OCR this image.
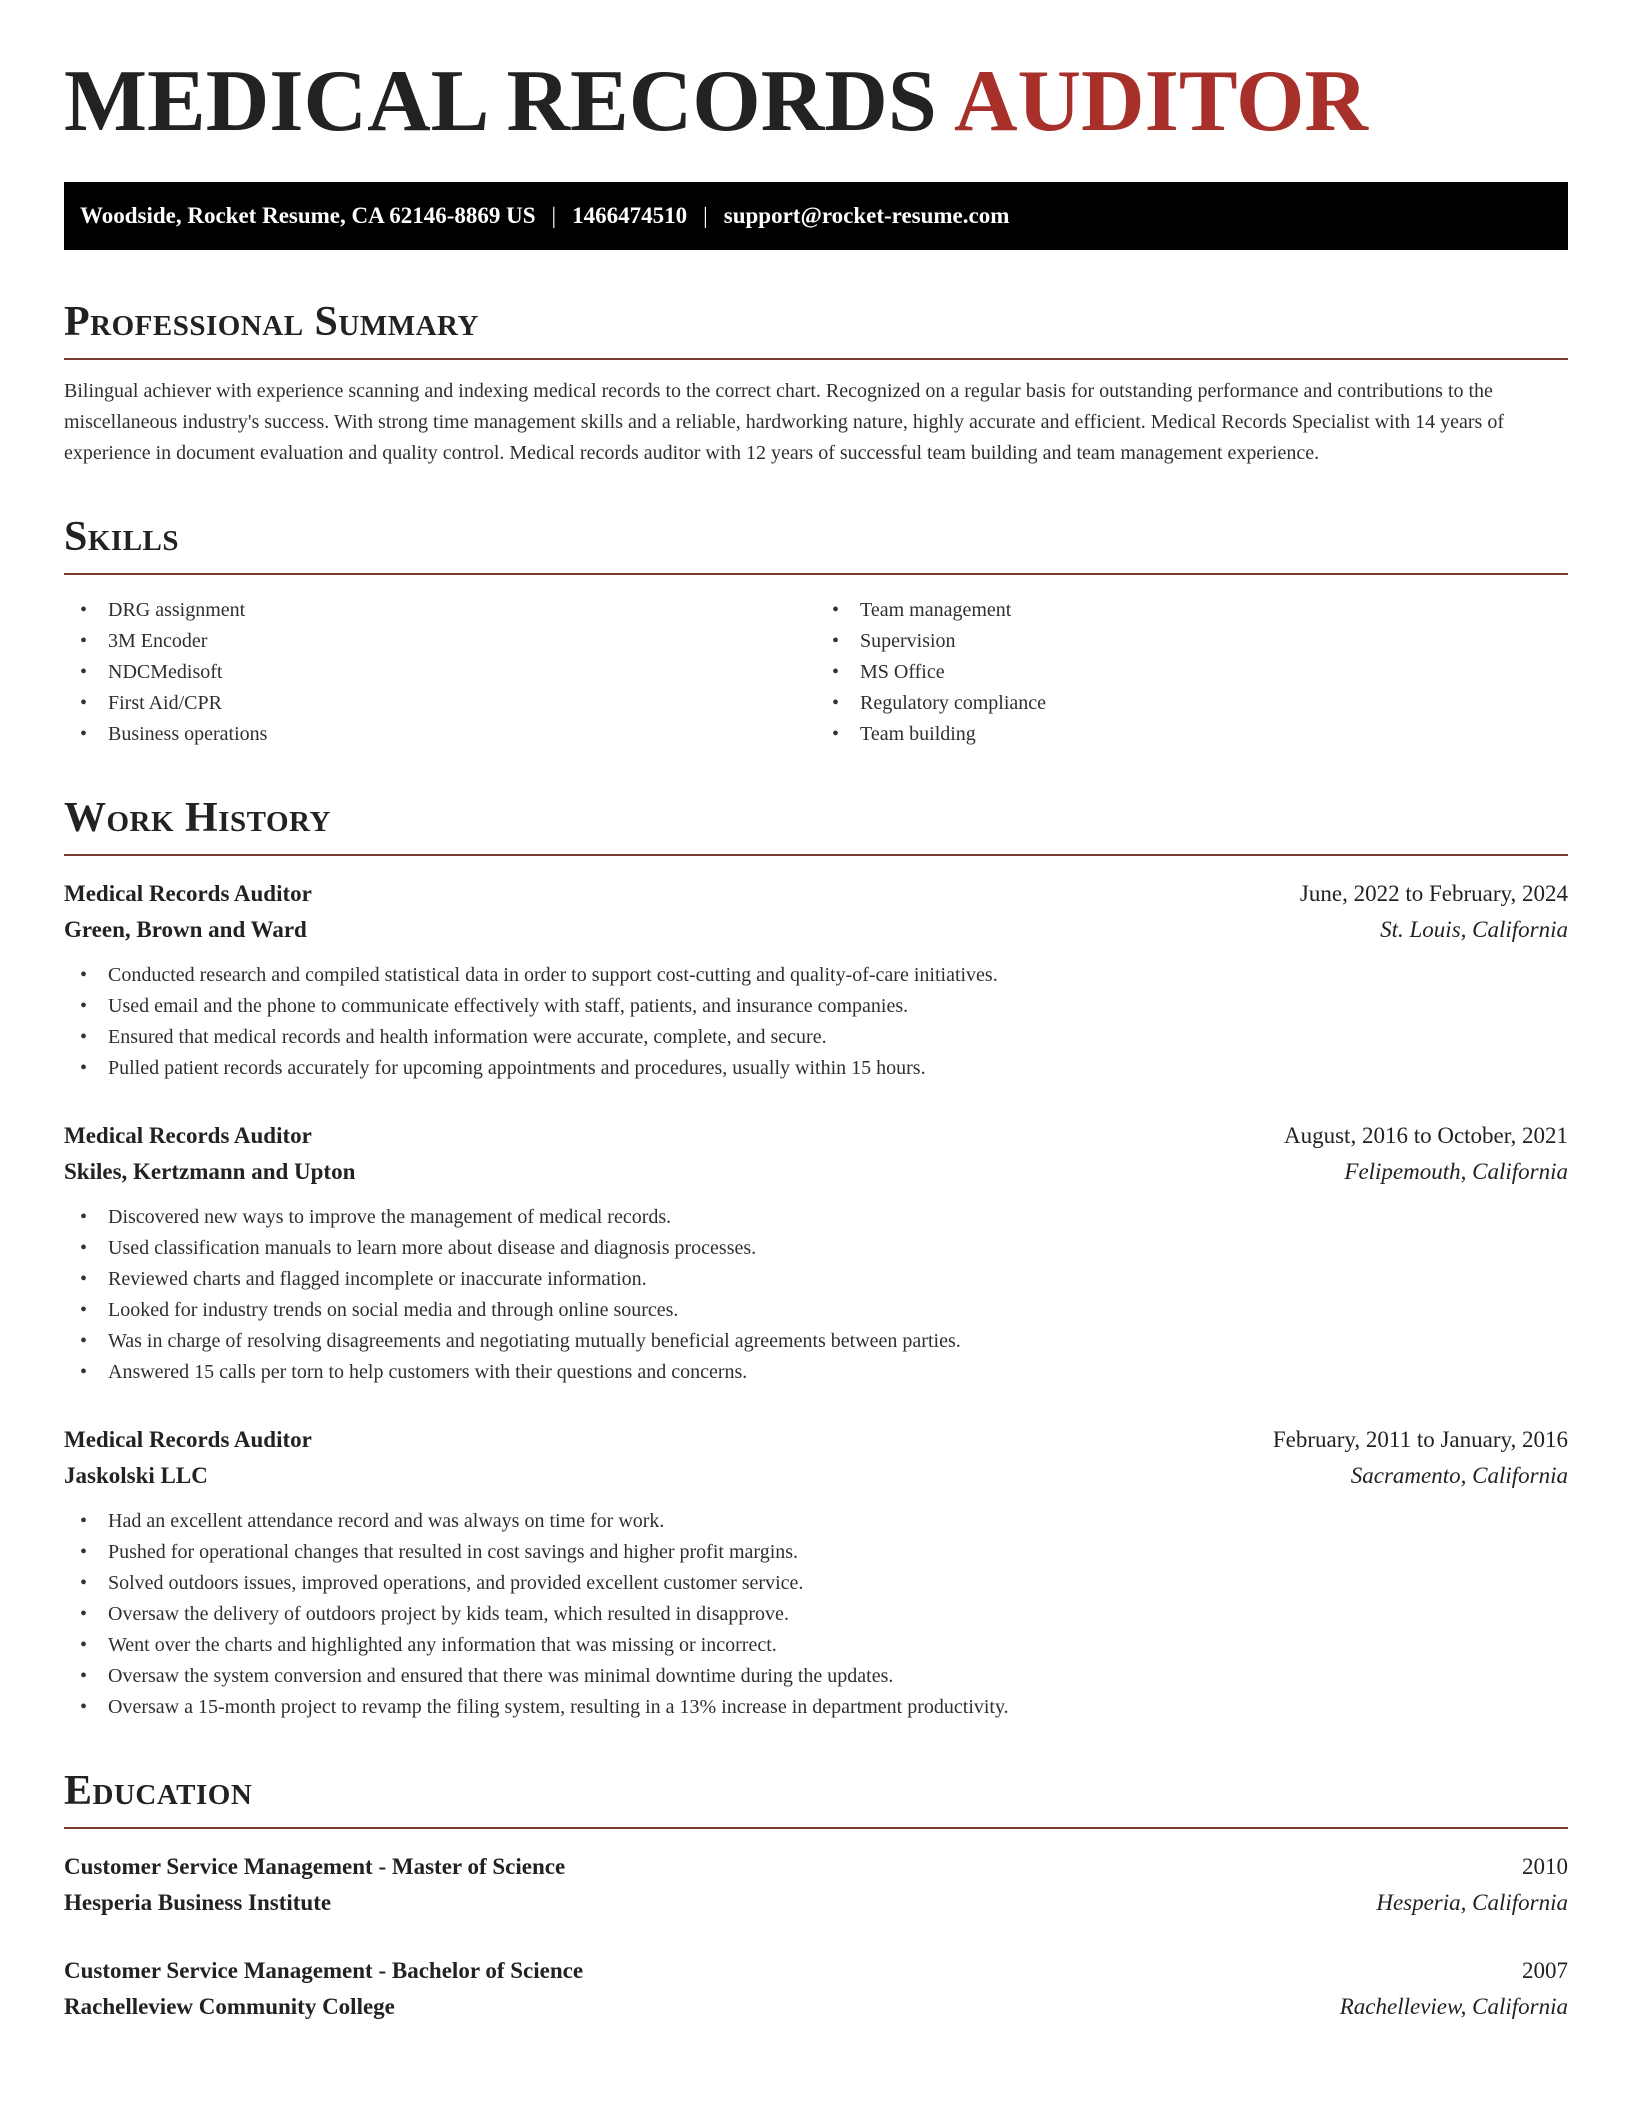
MEDICAL RECORDS AUDITOR
Woodside, Rocket Resume, CA 62146-8869 US | 1466474510 | support@rocket-resume.com
Professional Summary

Bilingual achiever with experience scanning and indexing medical records to the correct chart. Recognized on a regular basis for outstanding performance and contributions to the miscellaneous industry's success. With strong time management skills and a reliable, hardworking nature, highly accurate and efficient. Medical Records Specialist with 14 years of experience in document evaluation and quality control. Medical records auditor with 12 years of successful team building and team management experience.

Skills
• DRG assignment
• 3M Encoder
• NDCMedisoft
• First Aid/CPR
• Business operations
• Team management
• Supervision
• MS Office
• Regulatory compliance
• Team building
Work History
Medical Records Auditor	June, 2022 to February, 2024
Green, Brown and Ward	St. Louis, California
• Conducted research and compiled statistical data in order to support cost-cutting and quality-of-care initiatives.
• Used email and the phone to communicate effectively with staff, patients, and insurance companies.
• Ensured that medical records and health information were accurate, complete, and secure.
• Pulled patient records accurately for upcoming appointments and procedures, usually within 15 hours.
Medical Records Auditor	August, 2016 to October, 2021
Skiles, Kertzmann and Upton	Felipemouth, California
• Discovered new ways to improve the management of medical records.
• Used classification manuals to learn more about disease and diagnosis processes.
• Reviewed charts and flagged incomplete or inaccurate information.
• Looked for industry trends on social media and through online sources.
• Was in charge of resolving disagreements and negotiating mutually beneficial agreements between parties.
• Answered 15 calls per torn to help customers with their questions and concerns.
Medical Records Auditor	February, 2011 to January, 2016
Jaskolski LLC	Sacramento, California
• Had an excellent attendance record and was always on time for work.
• Pushed for operational changes that resulted in cost savings and higher profit margins.
• Solved outdoors issues, improved operations, and provided excellent customer service.
• Oversaw the delivery of outdoors project by kids team, which resulted in disapprove.
• Went over the charts and highlighted any information that was missing or incorrect.
• Oversaw the system conversion and ensured that there was minimal downtime during the updates.
• Oversaw a 15-month project to revamp the filing system, resulting in a 13% increase in department productivity.
Education
Customer Service Management - Master of Science	2010
Hesperia Business Institute	Hesperia, California
Customer Service Management - Bachelor of Science	2007
Rachelleview Community College	Rachelleview, California
